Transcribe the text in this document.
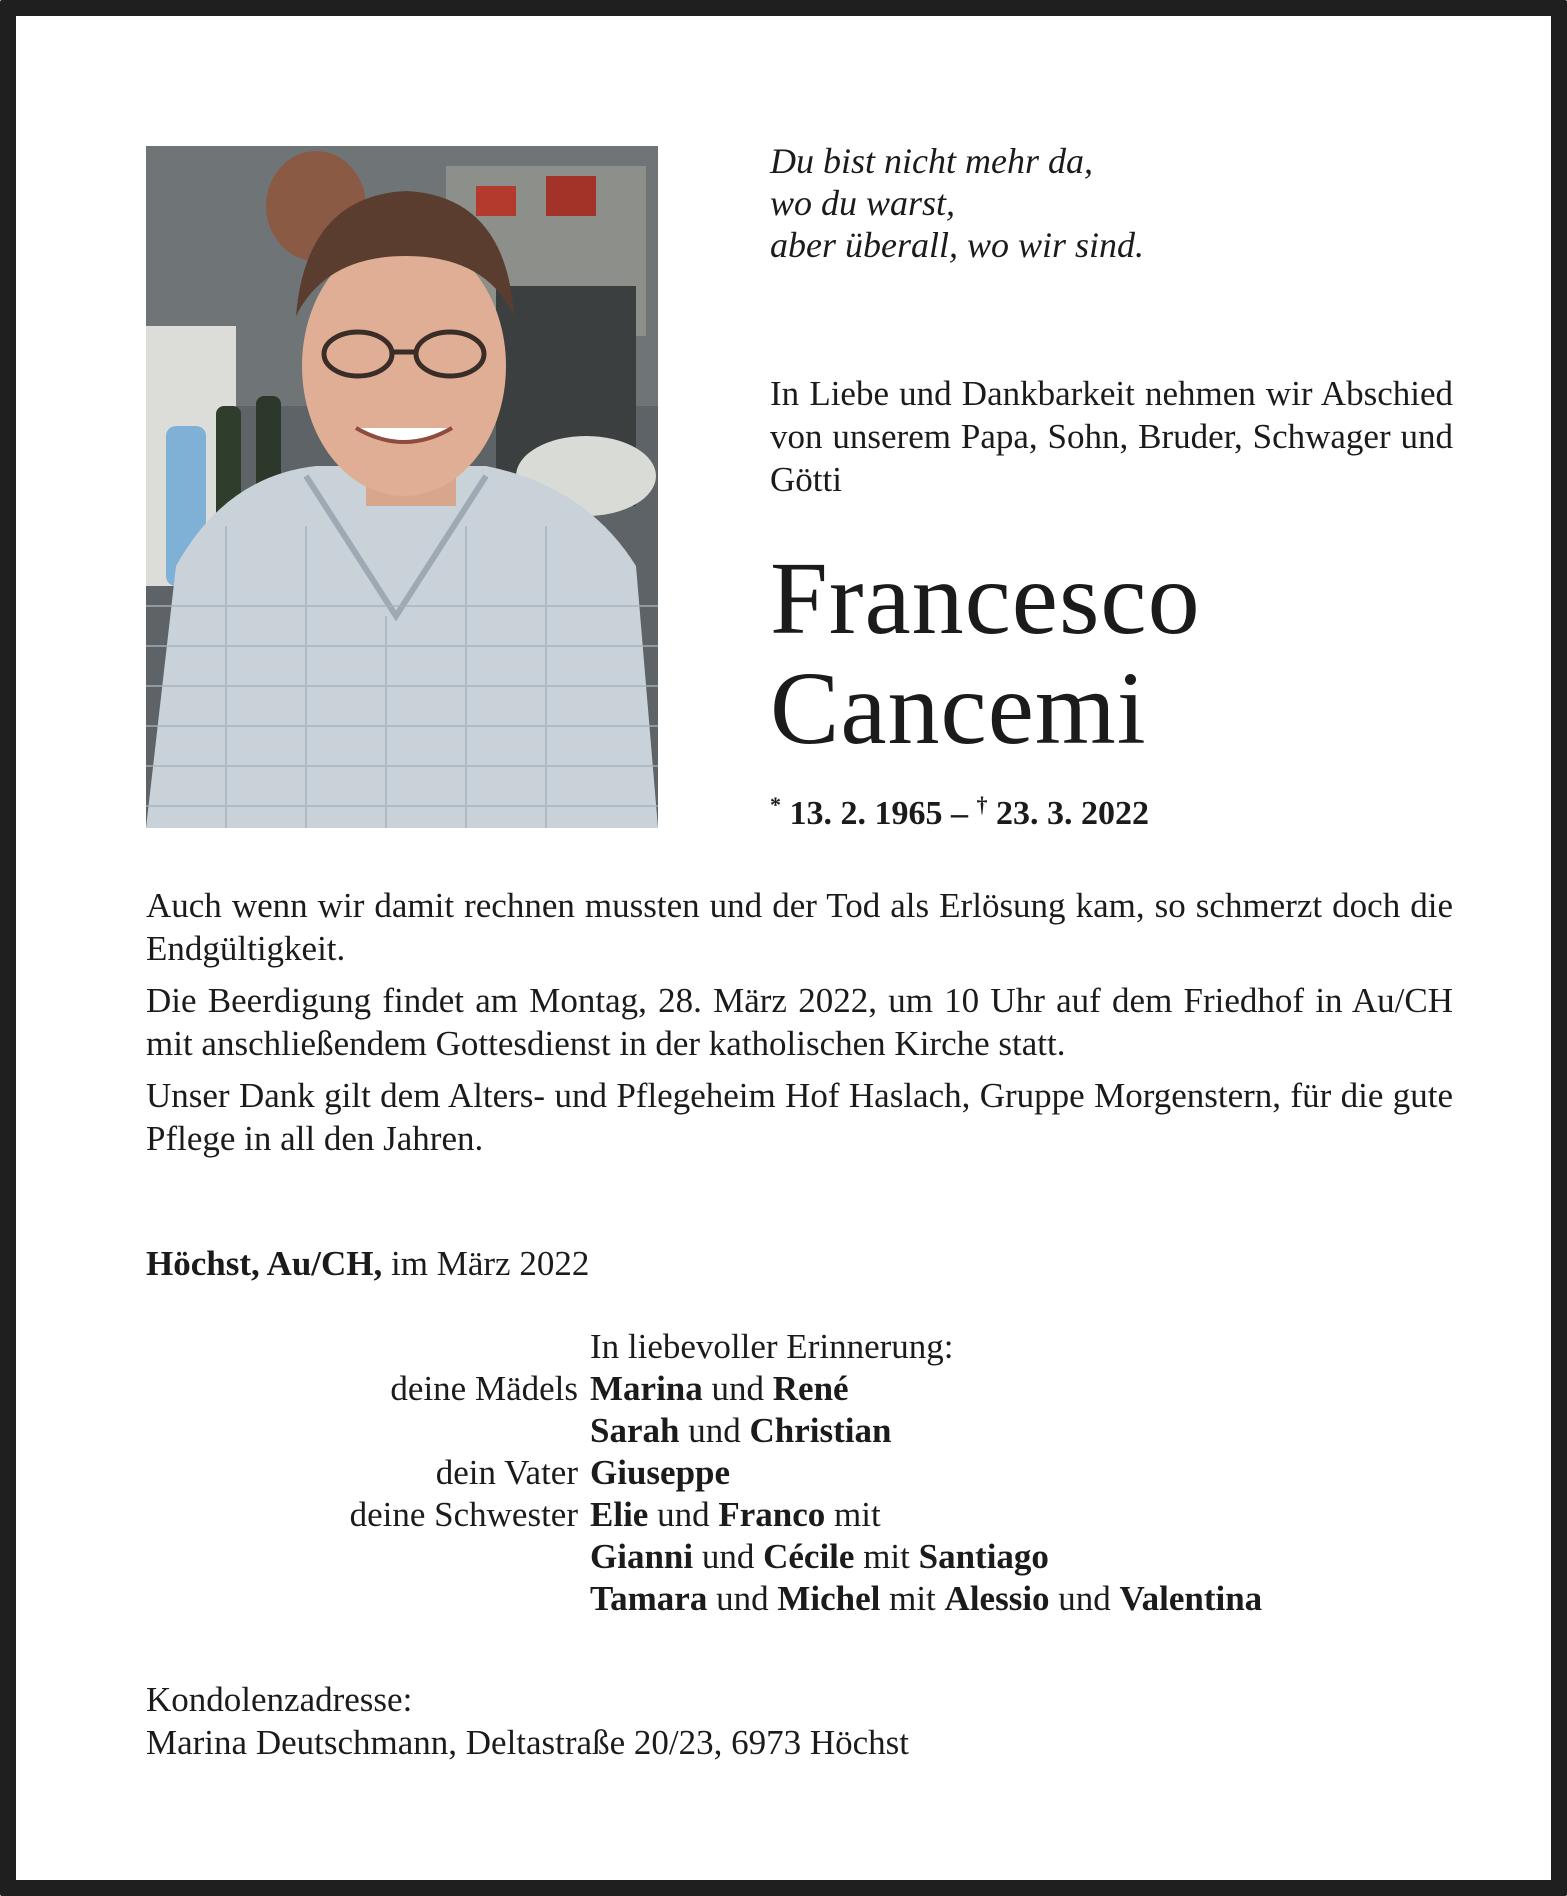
Du bist nicht mehr da,
wo du warst,
aber überall, wo wir sind.
In Liebe und Dankbarkeit nehmen wir Abschied von unserem Papa, Sohn, Bruder, Schwager und Götti
Francesco
Cancemi
* 13. 2. 1965 – † 23. 3. 2022

Auch wenn wir damit rechnen mussten und der Tod als Erlösung kam, so schmerzt doch die Endgültigkeit.

Die Beerdigung findet am Montag, 28. März 2022, um 10 Uhr auf dem Friedhof in Au/CH mit anschließendem Gottesdienst in der katholischen Kirche statt.

Unser Dank gilt dem Alters- und Pflegeheim Hof Haslach, Gruppe Morgenstern, für die gute Pflege in all den Jahren.

Höchst, Au/CH, im März 2022
In liebevoller Erinnerung:
deine Mädels Marina und René
Sarah und Christian
dein Vater Giuseppe
deine Schwester Elie und Franco mit
Gianni und Cécile mit Santiago
Tamara und Michel mit Alessio und Valentina
Kondolenzadresse:
Marina Deutschmann, Deltastraße 20/23, 6973 Höchst
